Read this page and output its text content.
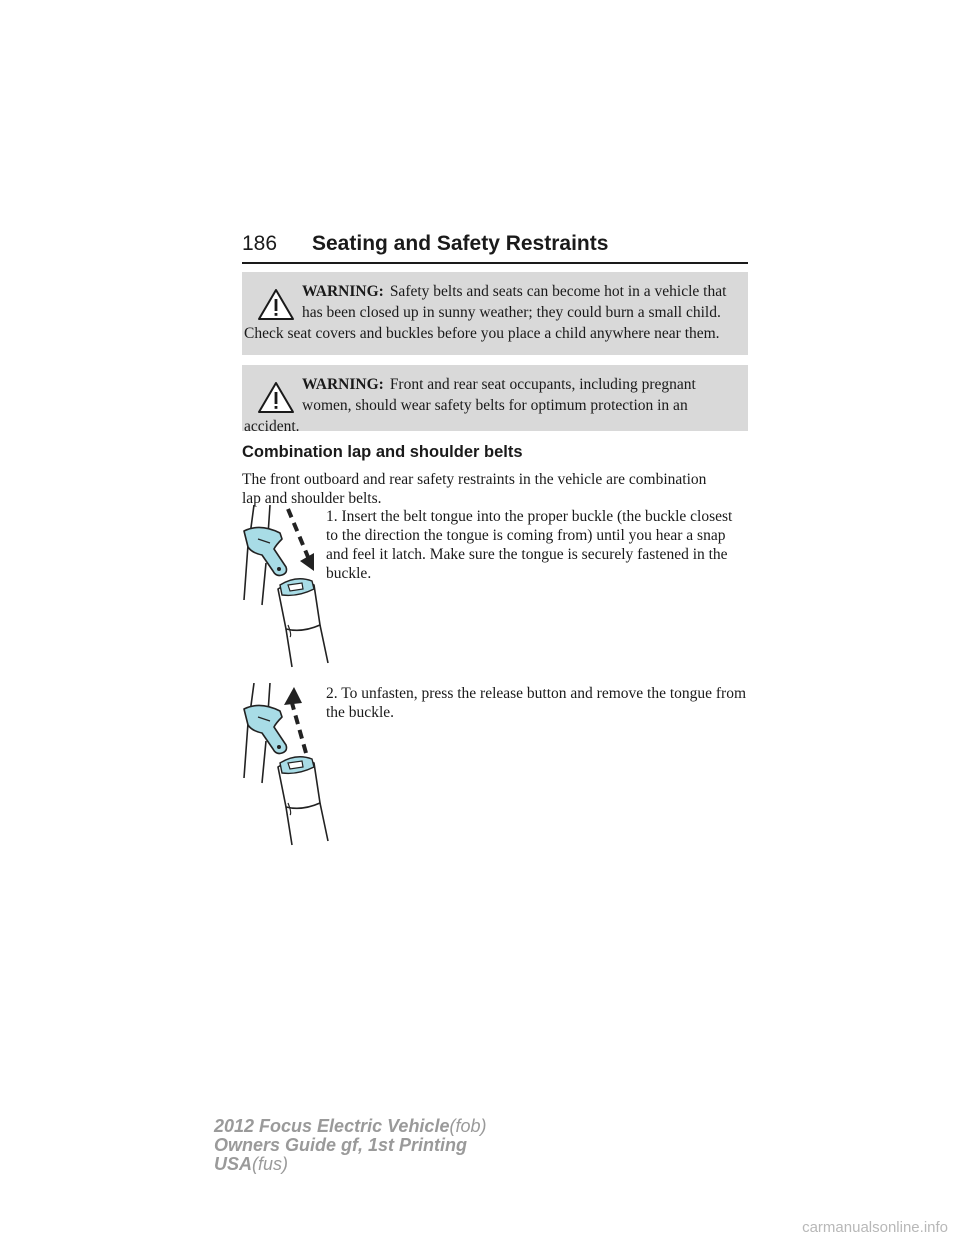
186 Seating and Safety Restraints
WARNING: Safety belts and seats can become hot in a vehicle that has been closed up in sunny weather; they could burn a small child. Check seat covers and buckles before you place a child anywhere near them.
WARNING: Front and rear seat occupants, including pregnant women, should wear safety belts for optimum protection in an accident.
Combination lap and shoulder belts
The front outboard and rear safety restraints in the vehicle are combination lap and shoulder belts.
1. Insert the belt tongue into the proper buckle (the buckle closest to the direction the tongue is coming from) until you hear a snap and feel it latch. Make sure the tongue is securely fastened in the buckle.
2. To unfasten, press the release button and remove the tongue from the buckle.
2012 Focus Electric Vehicle(fob)
Owners Guide gf, 1st Printing
USA(fus)
carmanualsonline.info
